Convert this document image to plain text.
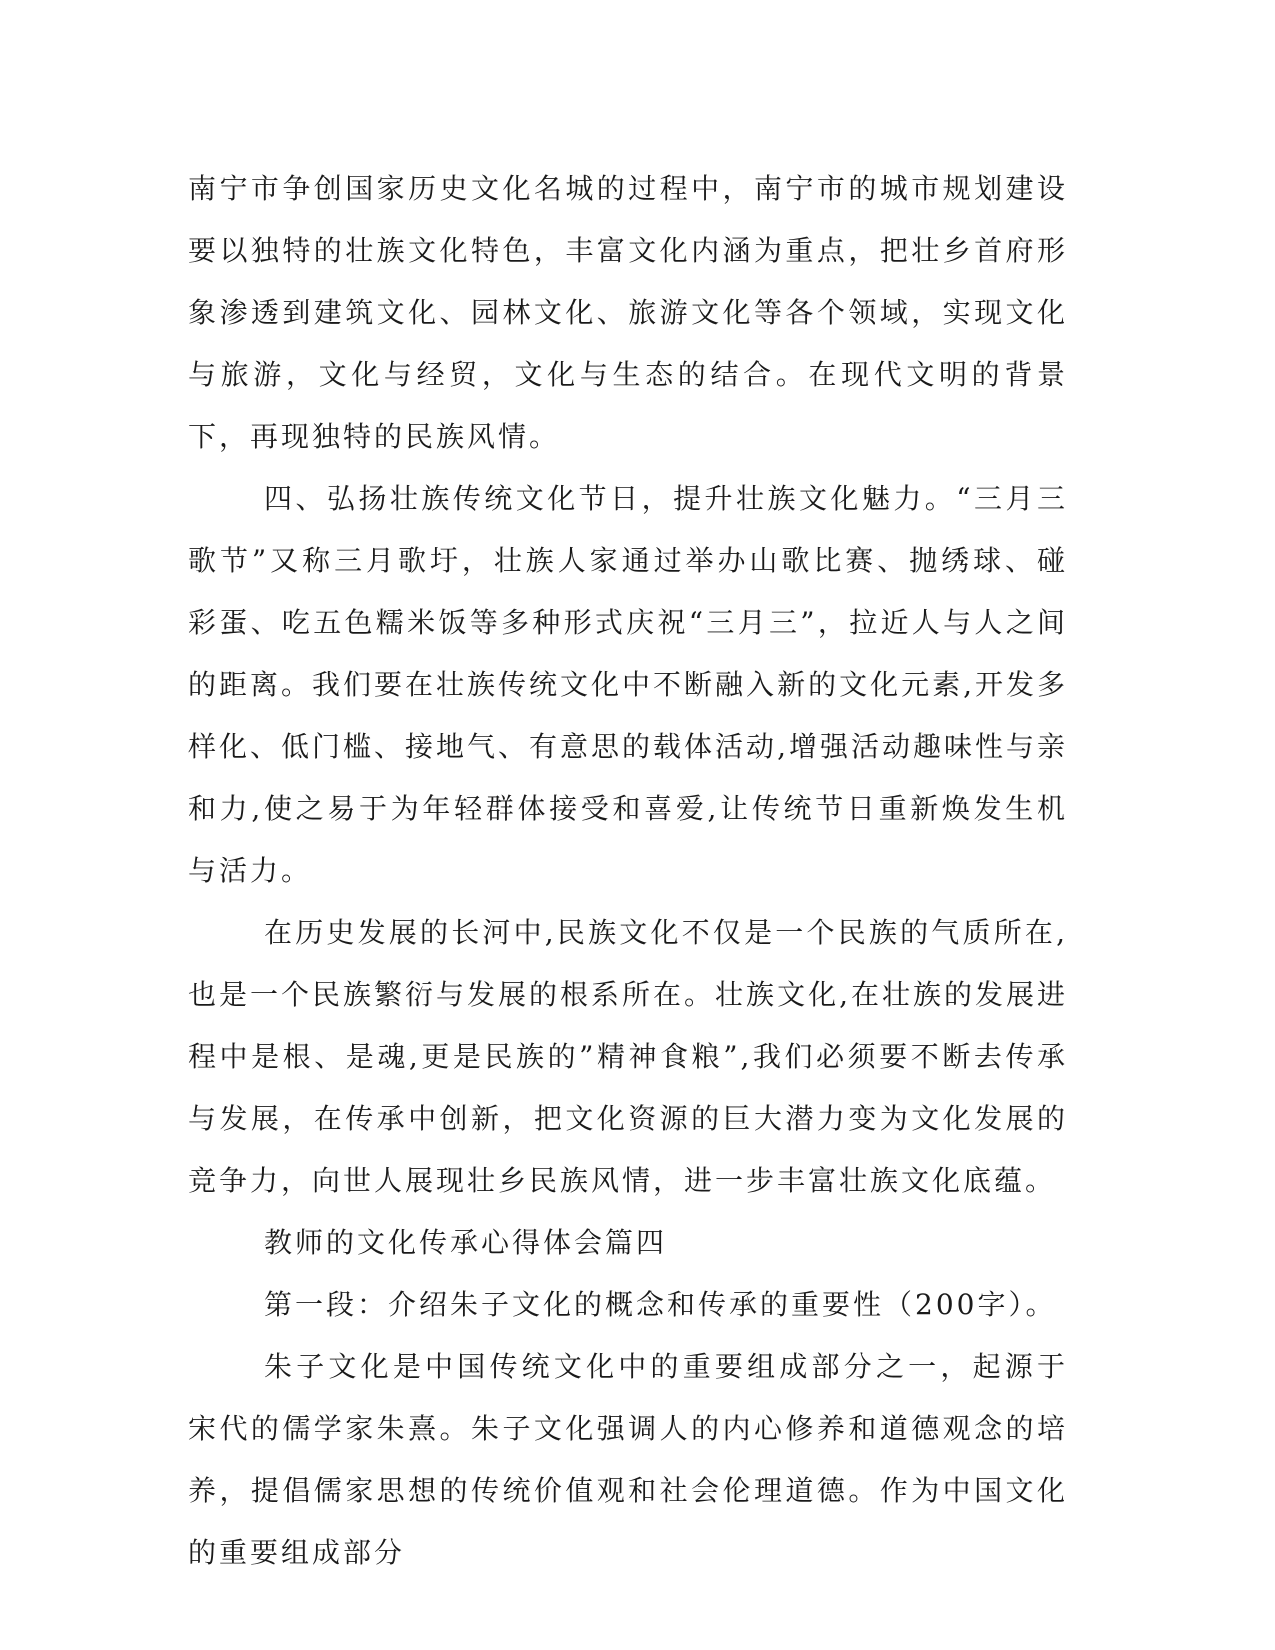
南宁市争创国家历史文化名城的过程中，南宁市的城市规划建设要以独特的壮族文化特色，丰富文化内涵为重点，把壮乡首府形象渗透到建筑文化、园林文化、旅游文化等各个领域，实现文化与旅游，文化与经贸，文化与生态的结合。在现代文明的背景下，再现独特的民族风情。

四、弘扬壮族传统文化节日，提升壮族文化魅力。“三月三歌节”又称三月歌圩，壮族人家通过举办山歌比赛、抛绣球、碰彩蛋、吃五色糯米饭等多种形式庆祝“三月三”，拉近人与人之间的距离。我们要在壮族传统文化中不断融入新的文化元素,开发多样化、低门槛、接地气、有意思的载体活动,增强活动趣味性与亲和力,使之易于为年轻群体接受和喜爱,让传统节日重新焕发生机与活力。

在历史发展的长河中,民族文化不仅是一个民族的气质所在,也是一个民族繁衍与发展的根系所在。壮族文化,在壮族的发展进程中是根、是魂,更是民族的”精神食粮”,我们必须要不断去传承与发展，在传承中创新，把文化资源的巨大潜力变为文化发展的竞争力，向世人展现壮乡民族风情，进一步丰富壮族文化底蕴。

教师的文化传承心得体会篇四

第一段：介绍朱子文化的概念和传承的重要性（200字）。

朱子文化是中国传统文化中的重要组成部分之一，起源于宋代的儒学家朱熹。朱子文化强调人的内心修养和道德观念的培养，提倡儒家思想的传统价值观和社会伦理道德。作为中国文化的重要组成部分
